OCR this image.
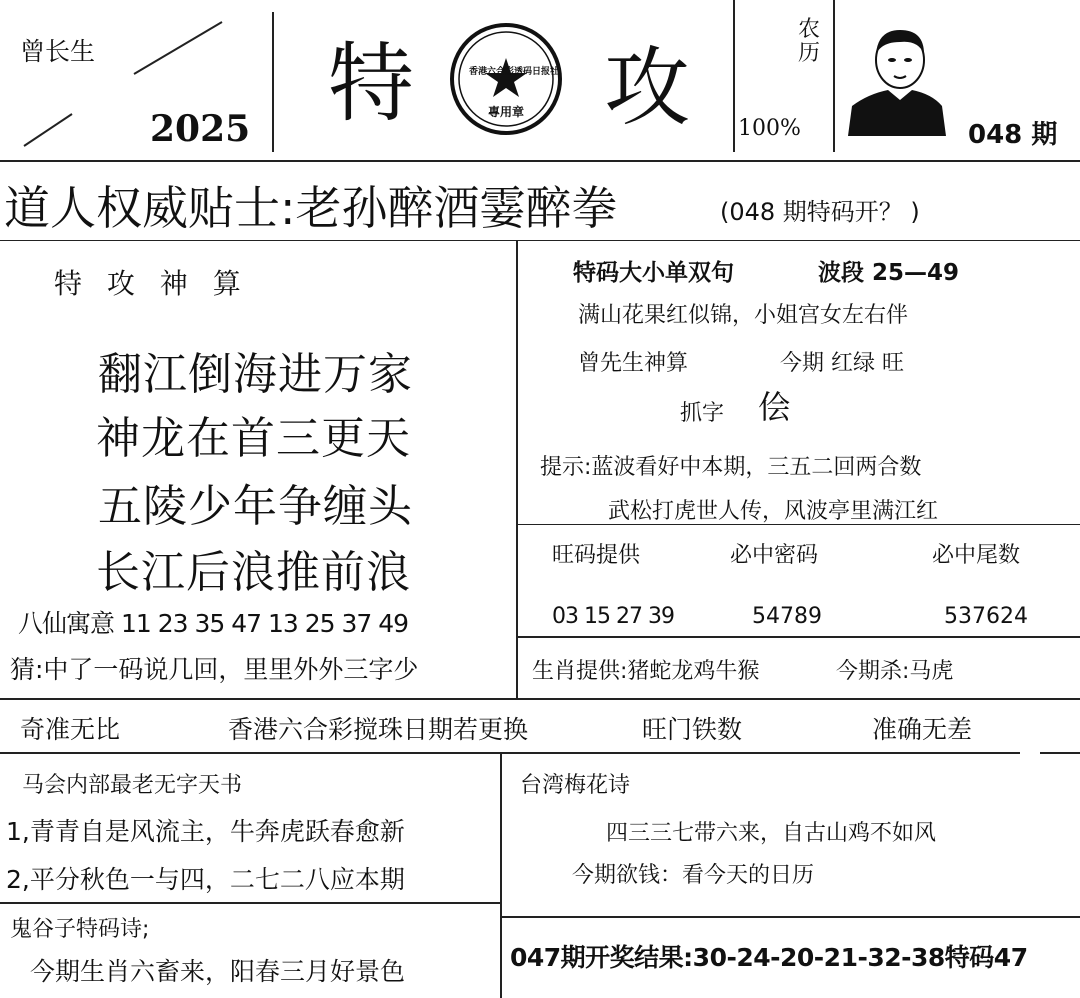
曾长生
2025 特	專用章
香港六合彩透码日报社 攻
农历
100%	048 期
道人权威贴士:老孙醉酒霎醉拳	(048 期特码开？ )
特 攻 神 算
翻江倒海进万家
神龙在首三更天
五陵少年争缠头
长江后浪推前浪
八仙寓意 11 23 35 47 13 25 37 49
猜:中了一码说几回，里里外外三字少
特码大小单双句	波段 25—49
满山花果红似锦，小姐宫女左右伴
曾先生神算	今期 红绿 旺
抓字 侩
提示:蓝波看好中本期，三五二回两合数
武松打虎世人传，风波亭里满江红
旺码提供	必中密码	必中尾数
03 15 27 39	54789	537624
生肖提供:猪蛇龙鸡牛猴	今期杀:马虎
奇准无比	香港六合彩搅珠日期若更换	旺门铁数	准确无差
马会内部最老无字天书
1,青青自是风流主，牛奔虎跃春愈新
2,平分秋色一与四，二七二八应本期
台湾梅花诗
四三三七带六来，自古山鸡不如风
今期欲钱：看今天的日历
鬼谷子特码诗;
今期生肖六畜来，阳春三月好景色	047期开奖结果:30-24-20-21-32-38特码47
